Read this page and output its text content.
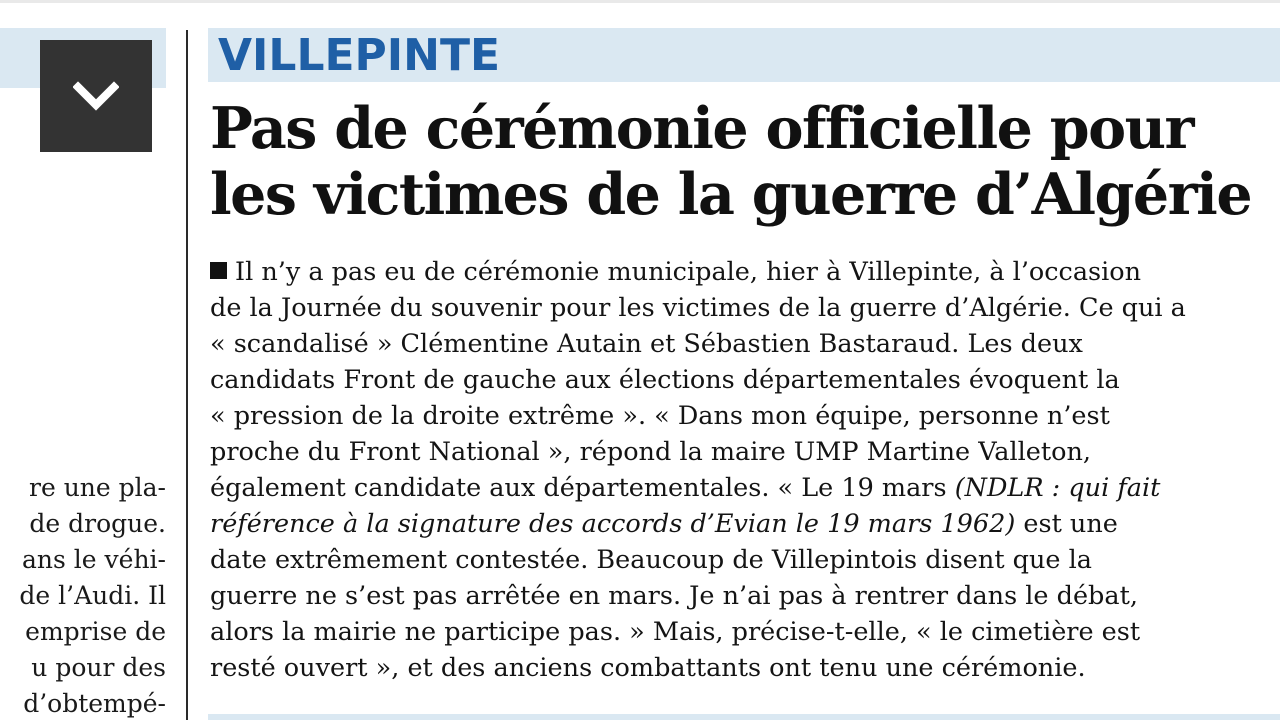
re une pla-
de drogue.
ans le véhi-
de l’Audi. Il
emprise de
u pour des
d’obtempé-
VILLEPINTE
Pas de cérémonie officielle pour
les victimes de la guerre d’Algérie
Il n’y a pas eu de cérémonie municipale, hier à Villepinte, à l’occasion
de la Journée du souvenir pour les victimes de la guerre d’Algérie. Ce qui a
« scandalisé » Clémentine Autain et Sébastien Bastaraud. Les deux
candidats Front de gauche aux élections départementales évoquent la
« pression de la droite extrême ». « Dans mon équipe, personne n’est
proche du Front National », répond la maire UMP Martine Valleton,
également candidate aux départementales. « Le 19 mars (NDLR : qui fait
référence à la signature des accords d’Evian le 19 mars 1962) est une
date extrêmement contestée. Beaucoup de Villepintois disent que la
guerre ne s’est pas arrêtée en mars. Je n’ai pas à rentrer dans le débat,
alors la mairie ne participe pas. » Mais, précise-t-elle, « le cimetière est
resté ouvert », et des anciens combattants ont tenu une cérémonie.
